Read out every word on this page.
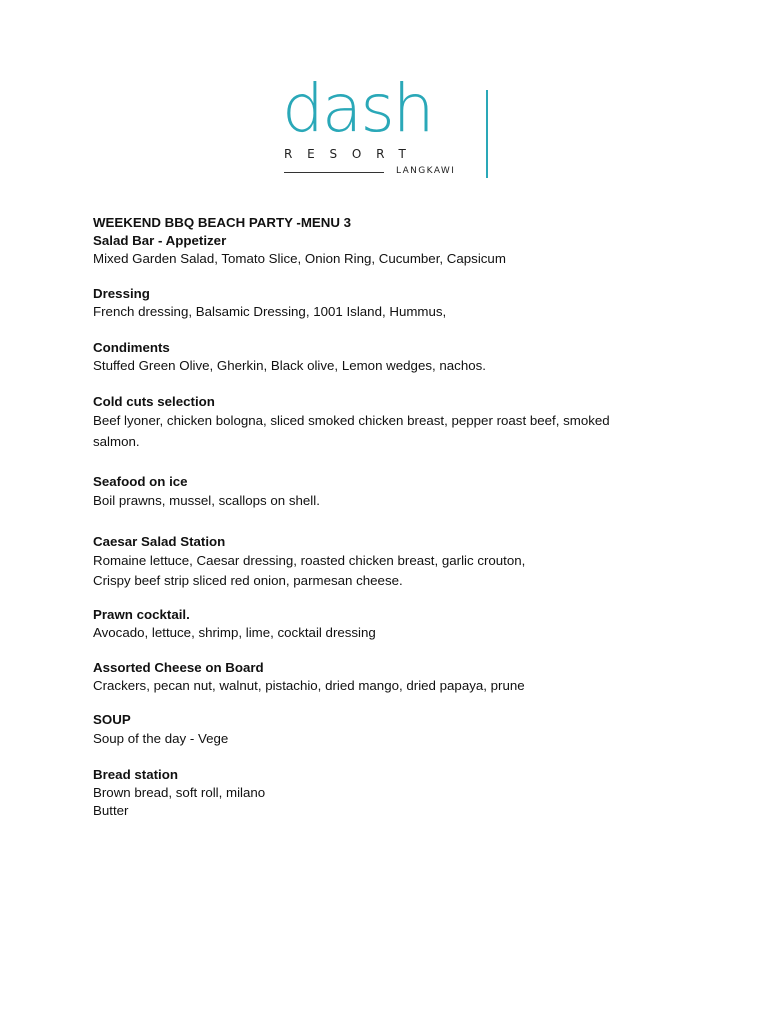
dash
RESORT
LANGKAWI

WEEKEND BBQ BEACH PARTY -MENU 3

Salad Bar - Appetizer

Mixed Garden Salad, Tomato Slice, Onion Ring, Cucumber, Capsicum

Dressing

French dressing, Balsamic Dressing, 1001 Island, Hummus,

Condiments

Stuffed Green Olive, Gherkin, Black olive, Lemon wedges, nachos.

Cold cuts selection

Beef lyoner, chicken bologna, sliced smoked chicken breast, pepper roast beef, smoked

salmon.

Seafood on ice

Boil prawns, mussel, scallops on shell.

Caesar Salad Station

Romaine lettuce, Caesar dressing, roasted chicken breast, garlic crouton,

Crispy beef strip sliced red onion, parmesan cheese.

Prawn cocktail.

Avocado, lettuce, shrimp, lime, cocktail dressing

Assorted Cheese on Board

Crackers, pecan nut, walnut, pistachio, dried mango, dried papaya, prune

SOUP

Soup of the day - Vege

Bread station

Brown bread, soft roll, milano

Butter
